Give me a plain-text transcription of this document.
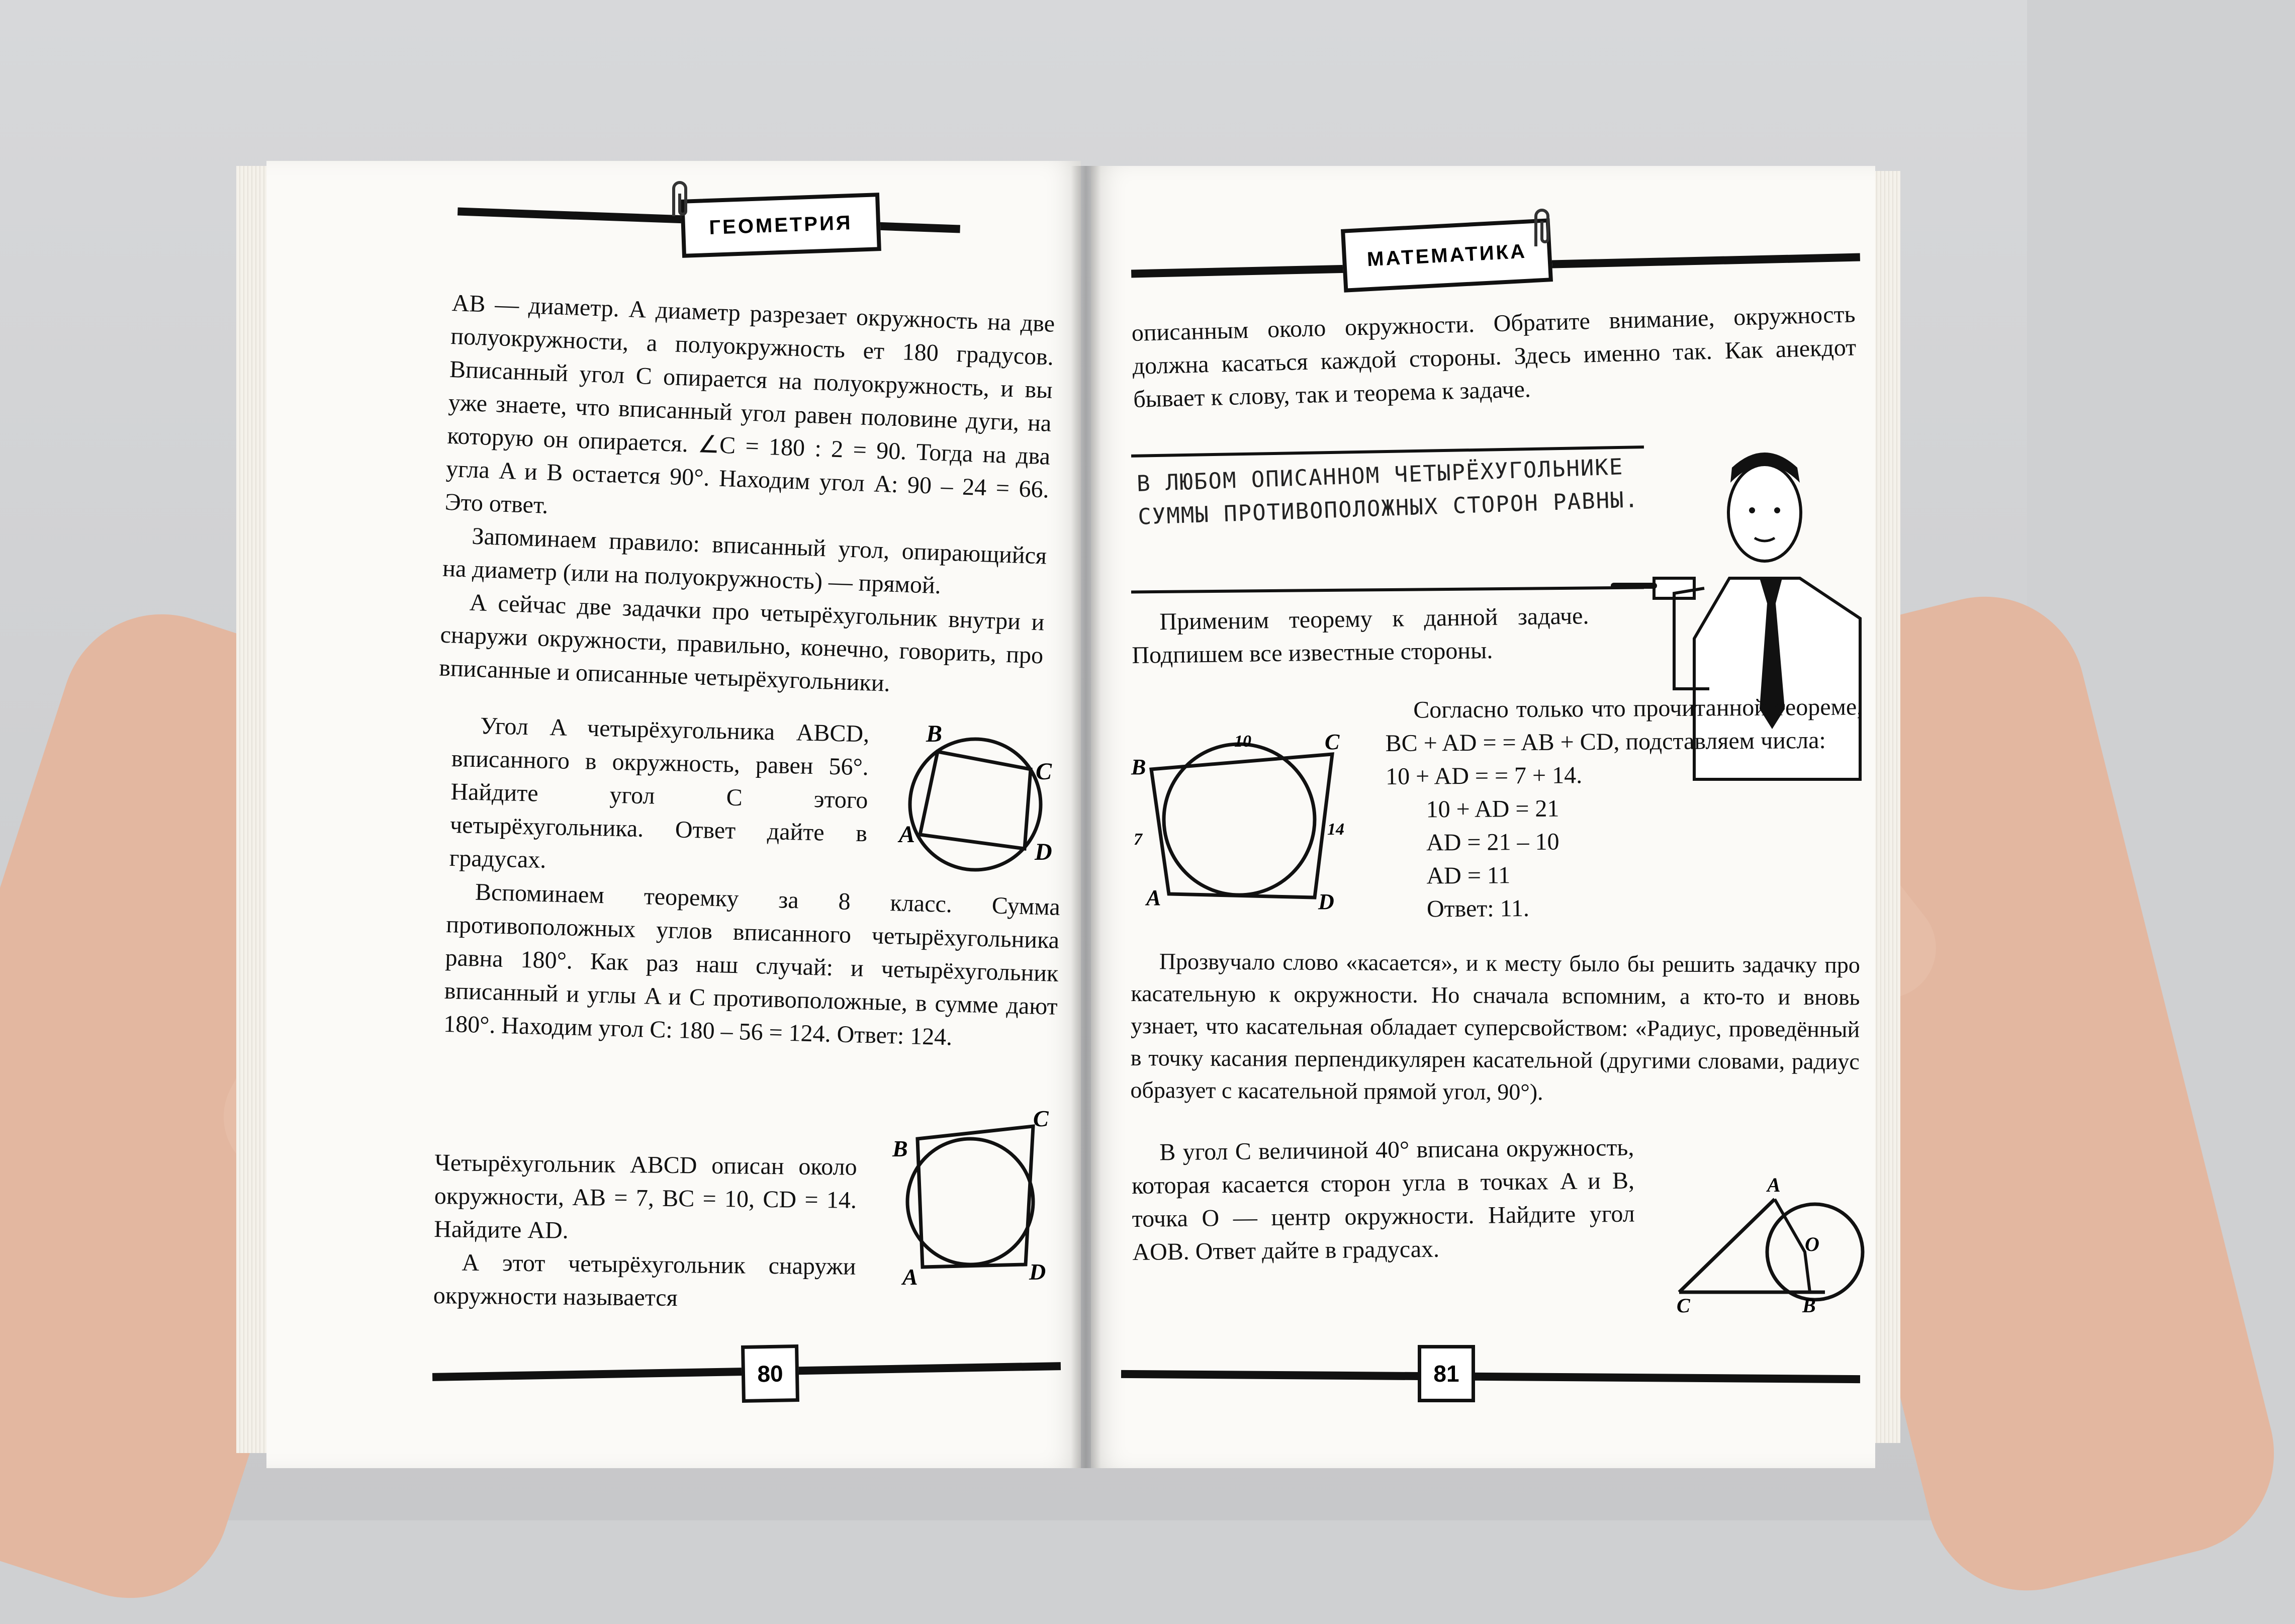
ГЕОМЕТРИЯ

AB — диаметр. А диаметр разрезает окружность на две полуокружности, а полуокружность ет 180 градусов. Вписанный угол C опирается на полуокружность, и вы уже знаете, что вписанный угол равен половине дуги, на которую он опирается. ∠C = 180 : 2 = 90. Тогда на два угла A и B остается 90°. Находим угол A: 90 – 24 = 66. Это ответ.

Запоминаем правило: вписанный угол, опирающийся на диаметр (или на полуокружность) — прямой.

А сейчас две задачки про четырёхугольник внутри и снаружи окружности, правильно, конечно, говорить, про вписанные и описанные четырёхугольники.

Угол A четырёхугольника ABCD, вписанного в окружность, равен 56°. Найдите угол C этого четырёхугольника. Ответ дайте в градусах.

B
C
A
D

Вспоминаем теоремку за 8 класс. Сумма противоположных углов вписанного четырёхугольника равна 180°. Как раз наш случай: и четырёхугольник вписанный и углы A и C противоположные, в сумме дают 180°. Находим угол C: 180 – 56 = 124. Ответ: 124.

Четырёхугольник ABCD описан около окружности, AB = 7, BC = 10, CD = 14. Найдите AD.

А этот четырёхугольник снаружи окружности называется

B
C
A	D
80
МАТЕМАТИКА

описанным около окружности. Обратите внимание, окружность должна касаться каждой стороны. Здесь именно так. Как анекдот бывает к слову, так и теорема к задаче.

В ЛЮБОМ ОПИСАННОМ ЧЕТЫРЁХУГОЛЬНИКЕ СУММЫ ПРОТИВОПОЛОЖНЫХ СТОРОН РАВНЫ.

Применим теорему к данной задаче. Подпишем все известные стороны.

B
C
A	D
10
7
14

Согласно только что прочитанной теореме, BC + AD = = AB + CD, подставляем числа:

10 + AD = = 7 + 14.

10 + AD = 21

AD = 21 – 10

AD = 11

Ответ: 11.

Прозвучало слово «касается», и к месту было бы решить задачку про касательную к окружности. Но сначала вспомним, а кто-то и вновь узнает, что касательная обладает суперсвойством: «Радиус, проведённый в точку касания перпендикулярен касательной (другими словами, радиус образует с касательной прямой угол, 90°).

В угол C величиной 40° вписана окружность, которая касается сторон угла в точках A и B, точка O — центр окружности. Найдите угол AOB. Ответ дайте в градусах.

A
O
C	B
81
